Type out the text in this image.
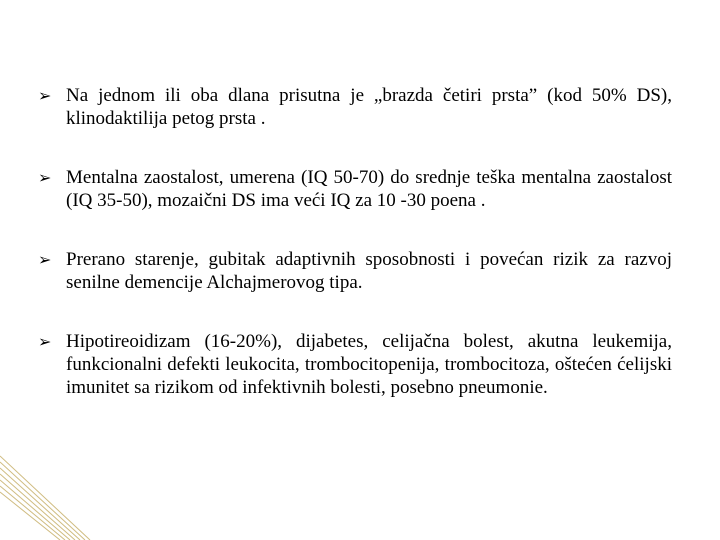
➢ Na jednom ili oba dlana prisutna je „brazda četiri prsta” (kod 50% DS), klinodaktilija petog prsta .
➢ Mentalna zaostalost, umerena (IQ 50-70) do srednje teška mentalna zaostalost (IQ 35-50), mozaični DS ima veći IQ za 10 -30 poena .
➢ Prerano starenje, gubitak adaptivnih sposobnosti i povećan rizik za razvoj senilne demencije Alchajmerovog tipa.
➢ Hipotireoidizam (16-20%), dijabetes, celijačna bolest, akutna leukemija, funkcionalni defekti leukocita, trombocitopenija, trombocitoza, oštećen ćelijski imunitet sa rizikom od infektivnih bolesti, posebno pneumonie.
